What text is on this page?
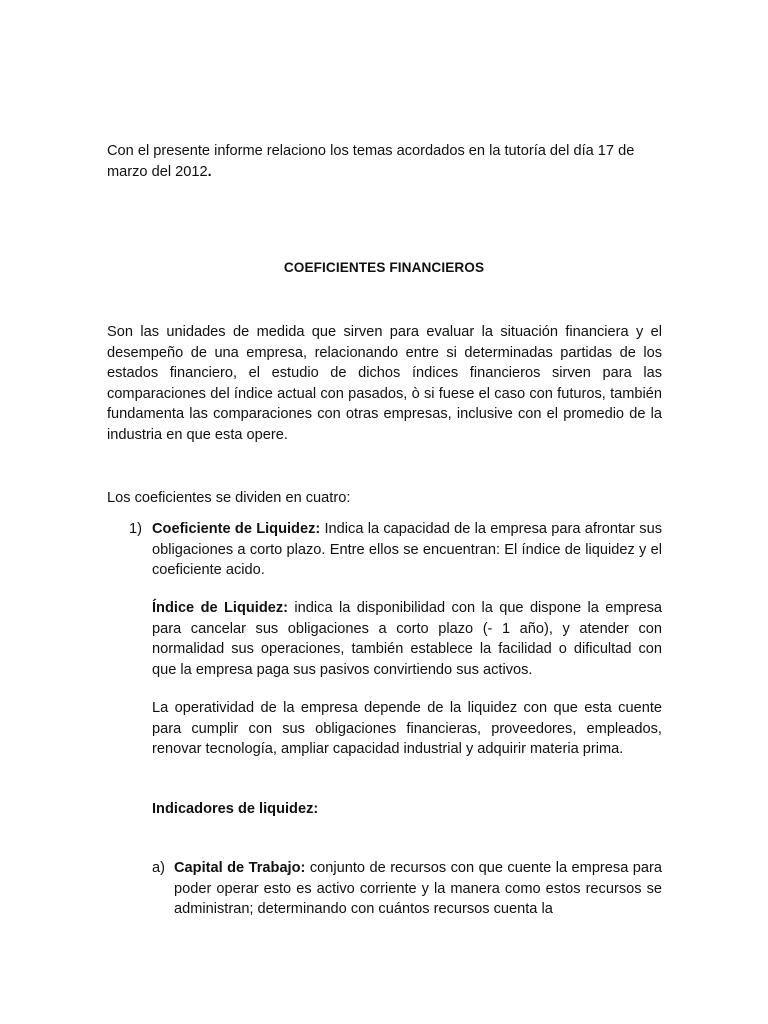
Con el presente informe relaciono los temas acordados en la tutoría del día 17 de marzo del 2012.

COEFICIENTES FINANCIEROS

Son las unidades de medida que sirven para evaluar la situación financiera y el desempeño de una empresa, relacionando entre si determinadas partidas de los estados financiero, el estudio de dichos índices financieros sirven para las comparaciones del índice actual con pasados, ò si fuese el caso con futuros, también fundamenta las comparaciones con otras empresas, inclusive con el promedio de la industria en que esta opere.

Los coeficientes se dividen en cuatro:

1) Coeficiente de Liquidez: Indica la capacidad de la empresa para afrontar sus obligaciones a corto plazo. Entre ellos se encuentran: El índice de liquidez y el coeficiente acido.

Índice de Liquidez: indica la disponibilidad con la que dispone la empresa para cancelar sus obligaciones a corto plazo (- 1 año), y atender con normalidad sus operaciones, también establece la facilidad o dificultad con que la empresa paga sus pasivos convirtiendo sus activos.

La operatividad de la empresa depende de la liquidez con que esta cuente para cumplir con sus obligaciones financieras, proveedores, empleados, renovar tecnología, ampliar capacidad industrial y adquirir materia prima.

Indicadores de liquidez:

a) Capital de Trabajo: conjunto de recursos con que cuente la empresa para poder operar esto es activo corriente y la manera como estos recursos se administran; determinando con cuántos recursos cuenta la
